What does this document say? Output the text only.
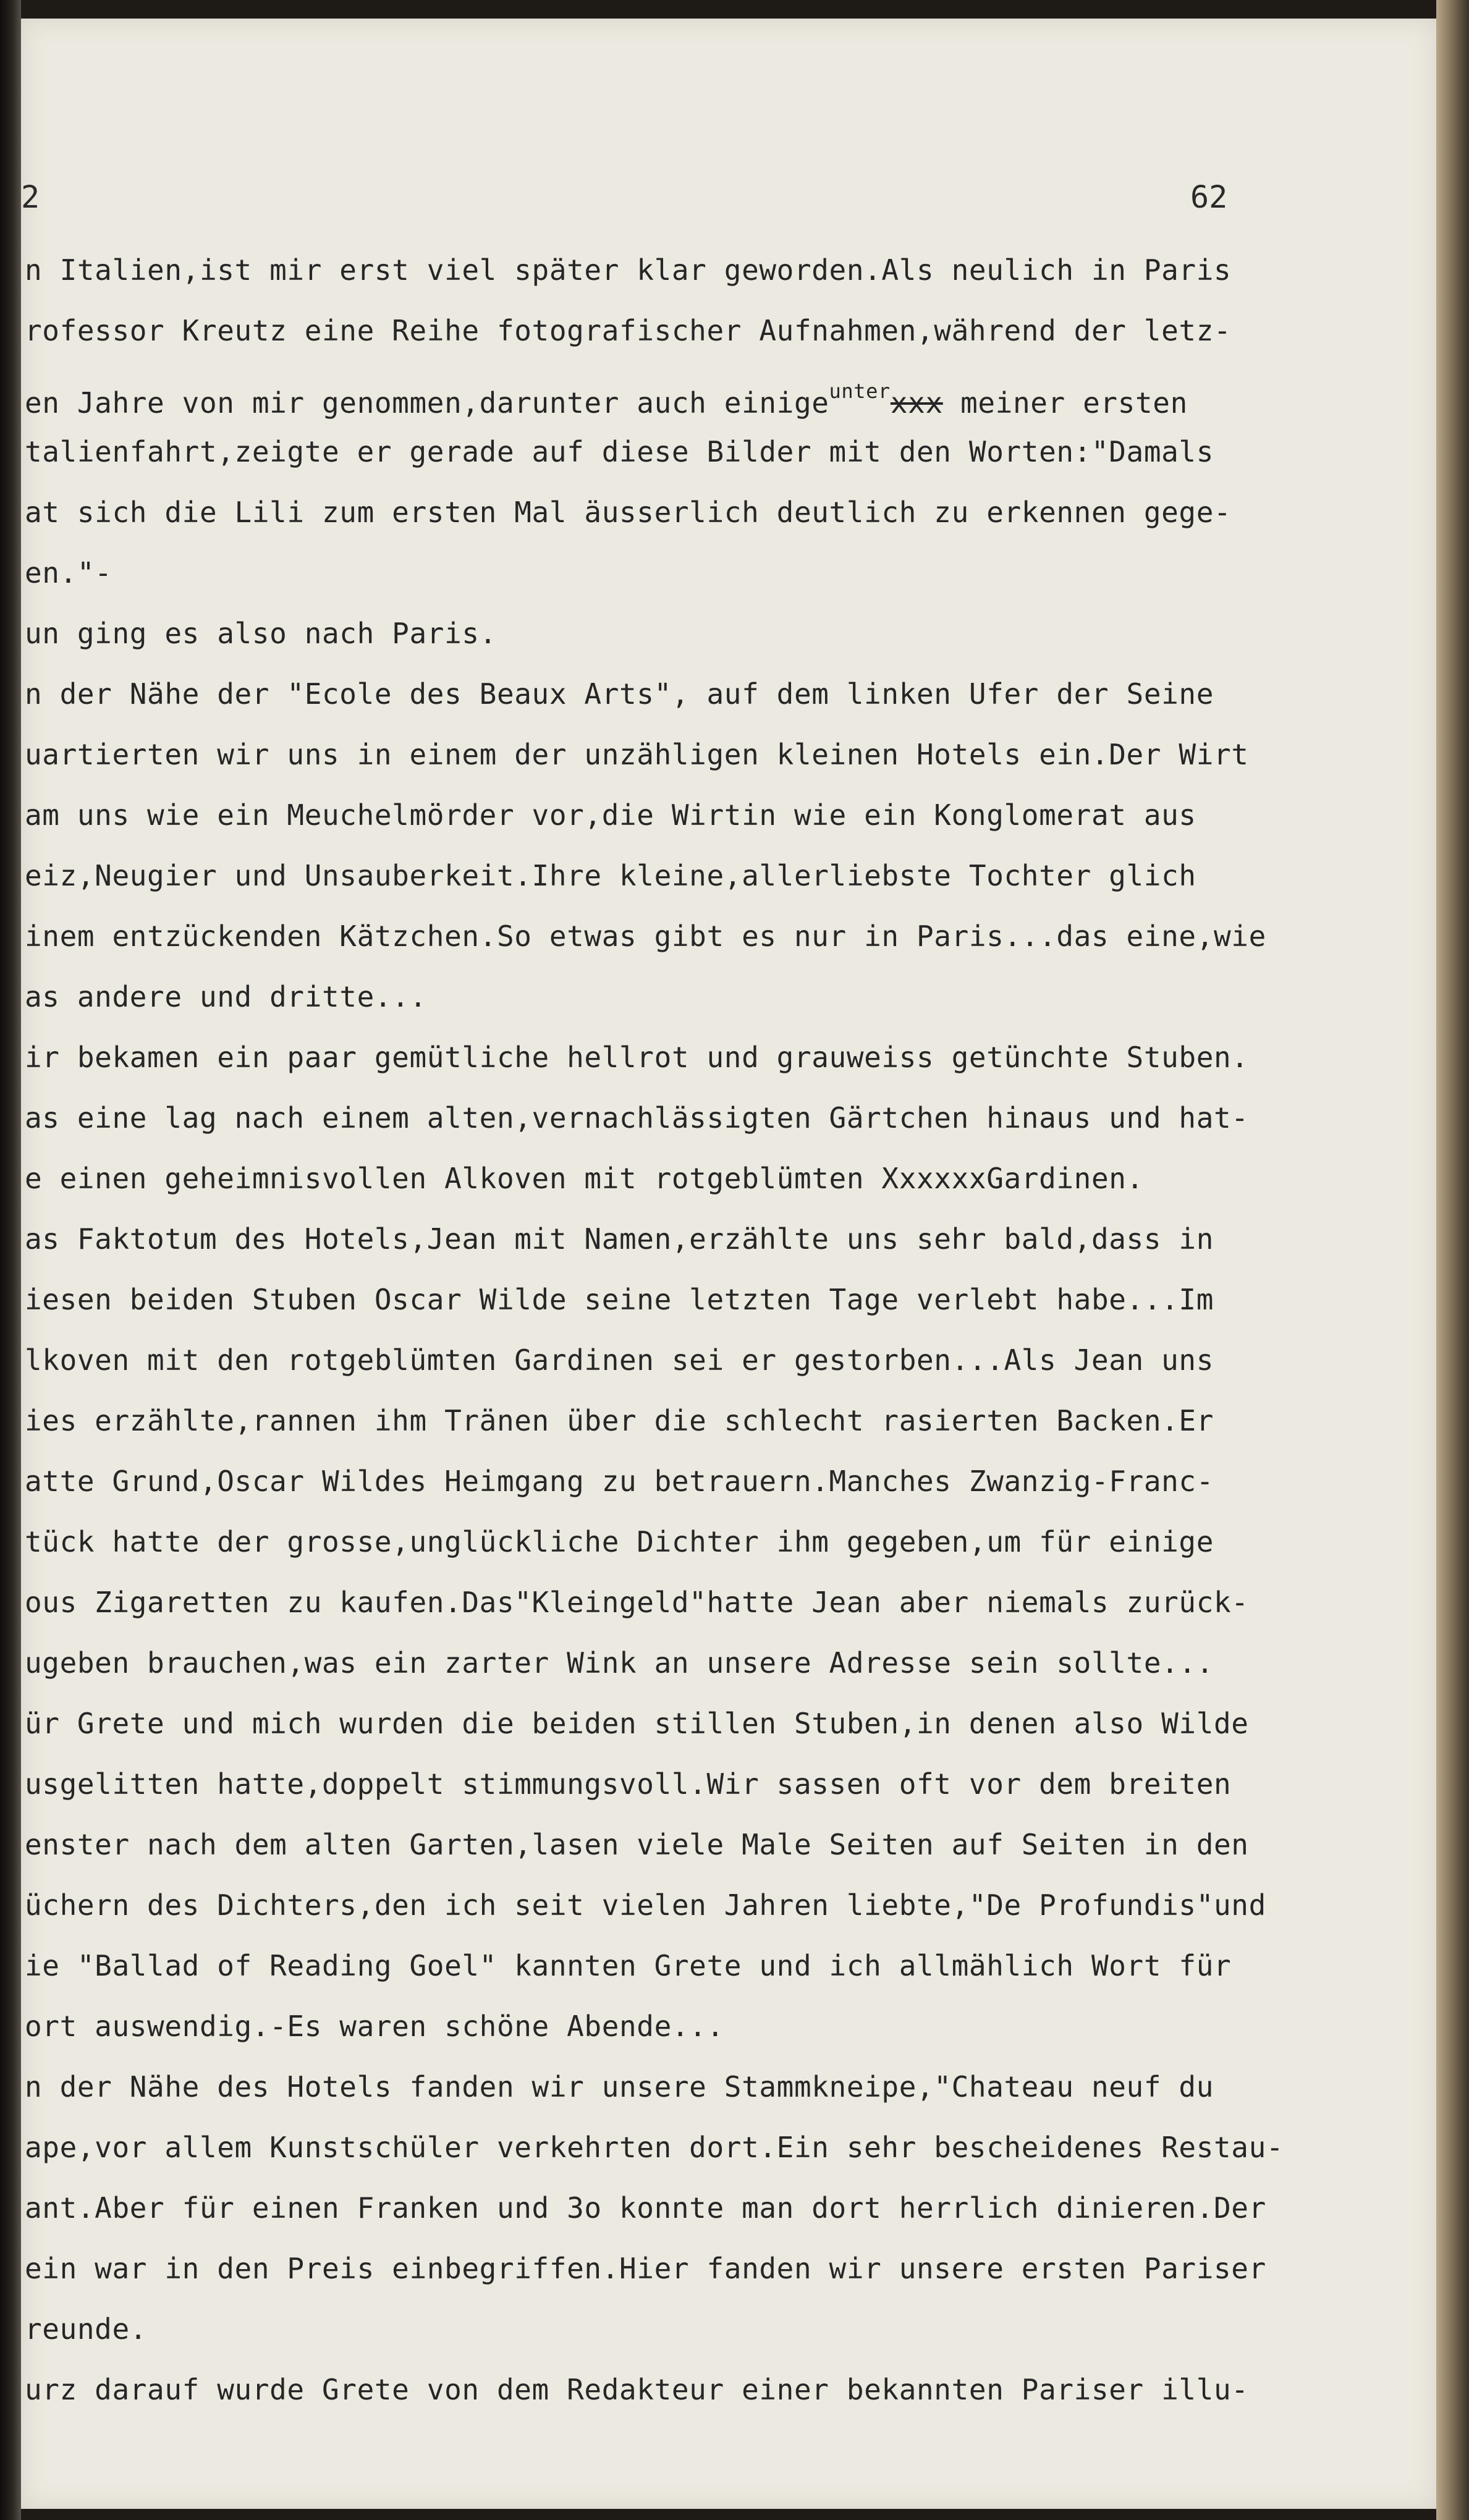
2	62
n Italien,ist mir erst viel später klar geworden.Als neulich in Paris
rofessor Kreutz eine Reihe fotografischer Aufnahmen,während der letz-
en Jahre von mir genommen,darunter auch einige$^{unter}$xxx meiner ersten
talienfahrt,zeigte er gerade auf diese Bilder mit den Worten:"Damals
at sich die Lili zum ersten Mal äusserlich deutlich zu erkennen gege-
en."-
un ging es also nach Paris.
n der Nähe der "Ecole des Beaux Arts", auf dem linken Ufer der Seine
uartierten wir uns in einem der unzähligen kleinen Hotels ein.Der Wirt
am uns wie ein Meuchelmörder vor,die Wirtin wie ein Konglomerat aus
eiz,Neugier und Unsauberkeit.Ihre kleine,allerliebste Tochter glich
inem entzückenden Kätzchen.So etwas gibt es nur in Paris...das eine,wie
as andere und dritte...
ir bekamen ein paar gemütliche hellrot und grauweiss getünchte Stuben.
as eine lag nach einem alten,vernachlässigten Gärtchen hinaus und hat-
e einen geheimnisvollen Alkoven mit rotgeblümten XxxxxxGardinen.
as Faktotum des Hotels,Jean mit Namen,erzählte uns sehr bald,dass in
iesen beiden Stuben Oscar Wilde seine letzten Tage verlebt habe...Im
lkoven mit den rotgeblümten Gardinen sei er gestorben...Als Jean uns
ies erzählte,rannen ihm Tränen über die schlecht rasierten Backen.Er
atte Grund,Oscar Wildes Heimgang zu betrauern.Manches Zwanzig-Franc-
tück hatte der grosse,unglückliche Dichter ihm gegeben,um für einige
ous Zigaretten zu kaufen.Das"Kleingeld"hatte Jean aber niemals zurück-
ugeben brauchen,was ein zarter Wink an unsere Adresse sein sollte...
ür Grete und mich wurden die beiden stillen Stuben,in denen also Wilde
usgelitten hatte,doppelt stimmungsvoll.Wir sassen oft vor dem breiten
enster nach dem alten Garten,lasen viele Male Seiten auf Seiten in den
üchern des Dichters,den ich seit vielen Jahren liebte,"De Profundis"und
ie "Ballad of Reading Goel" kannten Grete und ich allmählich Wort für
ort auswendig.-Es waren schöne Abende...
n der Nähe des Hotels fanden wir unsere Stammkneipe,"Chateau neuf du
ape,vor allem Kunstschüler verkehrten dort.Ein sehr bescheidenes Restau-
ant.Aber für einen Franken und 3o konnte man dort herrlich dinieren.Der
ein war in den Preis einbegriffen.Hier fanden wir unsere ersten Pariser
reunde.
urz darauf wurde Grete von dem Redakteur einer bekannten Pariser illu-
